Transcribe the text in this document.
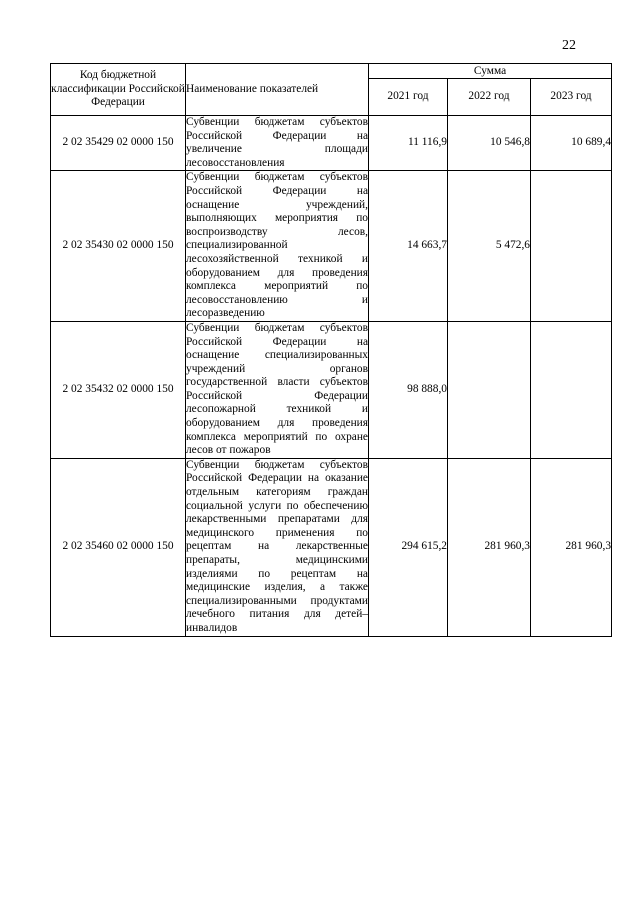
22
Код бюджетной классификации Российской Федерации	Наименование показателей	Сумма		
		2021 год	2022 год	2023 год
2 02 35429 02 0000 150	Субвенции бюджетам субъектов Российской Федерации на увеличение площади лесовосстановления	11 116,9	10 546,8	10 689,4
2 02 35430 02 0000 150	Субвенции бюджетам субъектов Российской Федерации на оснащение учреждений, выполняющих мероприятия по воспроизводству лесов, специализированной лесохозяйственной техникой и оборудованием для проведения комплекса мероприятий по лесовосстановлению и лесоразведению	14 663,7	5 472,6	
2 02 35432 02 0000 150	Субвенции бюджетам субъектов Российской Федерации на оснащение специализированных учреждений органов государственной власти субъектов Российской Федерации лесопожарной техникой и оборудованием для проведения комплекса мероприятий по охране лесов от пожаров	98 888,0		
2 02 35460 02 0000 150	Субвенции бюджетам субъектов Российской Федерации на оказание отдельным категориям граждан социальной услуги по обеспечению лекарственными препаратами для медицинского применения по рецептам на лекарственные препараты, медицинскими изделиями по рецептам на медицинские изделия, а также специализированными продуктами лечебного питания для детей–инвалидов	294 615,2	281 960,3	281 960,3
